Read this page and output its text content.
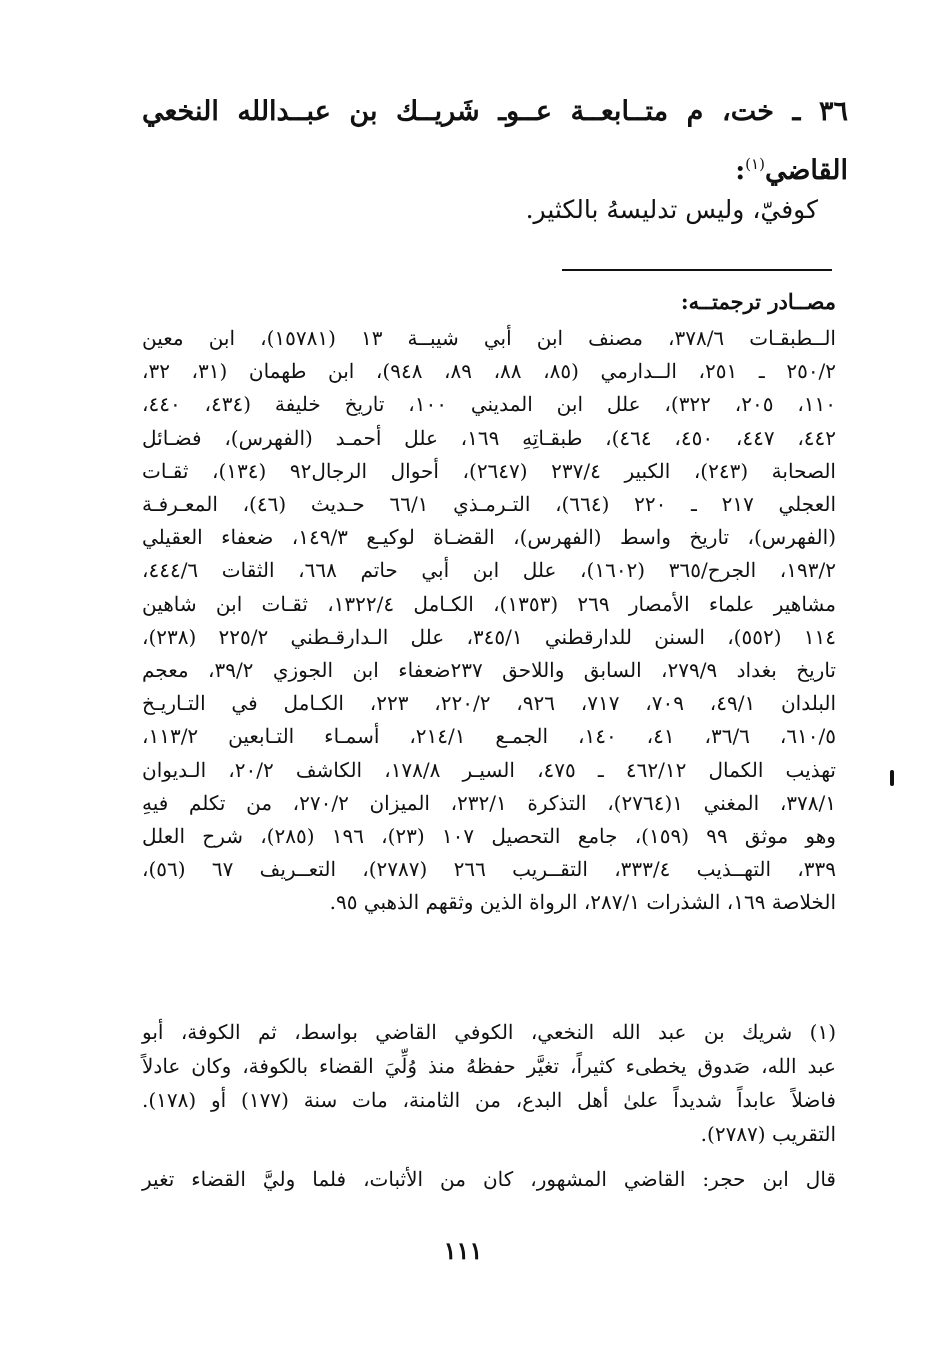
٣٦ ـ خت، م متــابعــة عــوـ شَريــك بن عبــدالله النخعي القاضي$^{(١)}$:
كوفيّ، وليس تدليسهُ بالكثير.
مصــادر ترجمتــه:
الــطبقـات ٣٧٨/٦، مصنف ابن أبي شيبــة ١٣ (١٥٧٨١)، ابن معين
٢٥٠/٢ ـ ٢٥١، الــدارمي (٨٥، ٨٨، ٨٩، ٩٤٨)، ابن طهمان (٣١، ٣٢،
١١٠، ٢٠٥، ٣٢٢)، علل ابن المديني ١٠٠، تاريخ خليفة (٤٣٤، ٤٤٠،
٤٤٢، ٤٤٧، ٤٥٠، ٤٦٤)، طبقـاتِهِ ١٦٩، علل أحمـد (الفهرس)، فضـائل
الصحابة (٢٤٣)، الكبير ٢٣٧/٤ (٢٦٤٧)، أحوال الرجال٩٢ (١٣٤)، ثقـات
العجلي ٢١٧ ـ ٢٢٠ (٦٦٤)، التـرمـذي ٦٦/١ حـديث (٤٦)، المعـرفـة
(الفهرس)، تاريخ واسط (الفهرس)، القضـاة لوكيـع ١٤٩/٣، ضعفاء العقيلي
١٩٣/٢، الجرح/٣٦٥ (١٦٠٢)، علل ابن أبي حاتم ٦٦٨، الثقات ٤٤٤/٦،
مشاهير علماء الأمصار ٢٦٩ (١٣٥٣)، الكـامل ١٣٢٢/٤، ثقـات ابن شاهين
١١٤ (٥٥٢)، السنن للدارقطني ٣٤٥/١، علل الـدارقـطني ٢٢٥/٢ (٢٣٨)،
تاريخ بغداد ٢٧٩/٩، السابق واللاحق ٢٣٧ضعفاء ابن الجوزي ٣٩/٢، معجم
البلدان ٤٩/١، ٧٠٩، ٧١٧، ٩٢٦، ٢٢٠/٢، ٢٢٣، الكـامل في التـاريـخ
٦١٠/٥، ٣٦/٦، ٤١، ١٤٠، الجمـع ٢١٤/١، أسمـاء التـابعين ١١٣/٢،
تهذيب الكمال ٤٦٢/١٢ ـ ٤٧٥، السيـر ١٧٨/٨، الكاشف ٢٠/٢، الـديوان
٣٧٨/١، المغني ١(٢٧٦٤)، التذكرة ٢٣٢/١، الميزان ٢٧٠/٢، من تكلم فيهِ
وهو موثق ٩٩ (١٥٩)، جامع التحصيل ١٠٧ (٢٣)، ١٩٦ (٢٨٥)، شرح العلل
٣٣٩، التهــذيب ٣٣٣/٤، التقــريب ٢٦٦ (٢٧٨٧)، التعــريف ٦٧ (٥٦)،
الخلاصة ١٦٩، الشذرات ٢٨٧/١، الرواة الذين وثقهم الذهبي ٩٥.
(١) شريك بن عبد الله النخعي، الكوفي القاضي بواسط، ثم الكوفة، أبو
عبد الله، صَدوق يخطىء كثيراً، تغيَّر حفظهُ منذ وُلِّيَ القضاء بالكوفة، وكان عادلاً
فاضلاً عابداً شديداً علىٰ أهل البدع، من الثامنة، مات سنة (١٧٧) أو (١٧٨).
التقريب (٢٧٨٧).
قال ابن حجر: القاضي المشهور، كان من الأثبات، فلما وليَّ القضاء تغير
١١١
